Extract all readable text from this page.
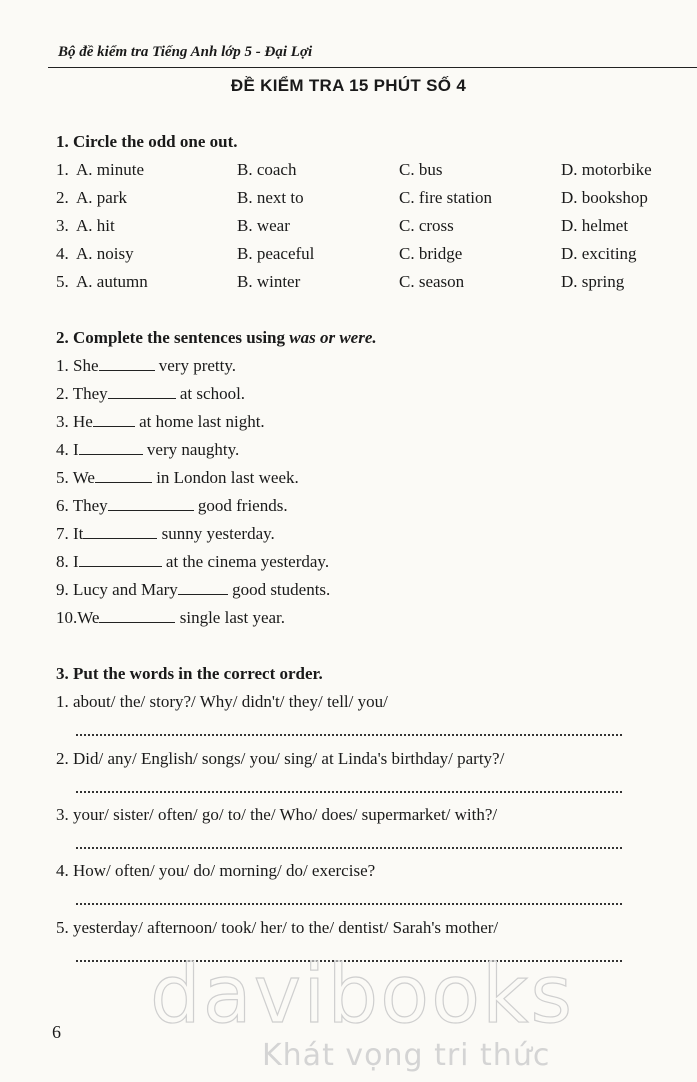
Bộ đề kiểm tra Tiếng Anh lớp 5 - Đại Lợi
ĐỀ KIỂM TRA 15 PHÚT SỐ 4
1. Circle the odd one out.
1. A. minute	B. coach	C. bus	D. motorbike
2. A. park	B. next to	C. fire station	D. bookshop
3. A. hit	B. wear	C. cross	D. helmet
4. A. noisy	B. peaceful	C. bridge	D. exciting
5. A. autumn	B. winter	C. season	D. spring
2. Complete the sentences using was or were.
1. She	very pretty.
2. They	at school.
3. He	at home last night.
4. I	very naughty.
5. We	in London last week.
6. They	good friends.
7. It	sunny yesterday.
8. I	at the cinema yesterday.
9. Lucy and Mary	good students.
10.We	single last year.
3. Put the words in the correct order.
1. about/ the/ story?/ Why/ didn't/ they/ tell/ you/
2. Did/ any/ English/ songs/ you/ sing/ at Linda's birthday/ party?/
3. your/ sister/ often/ go/ to/ the/ Who/ does/ supermarket/ with?/
4. How/ often/ you/ do/ morning/ do/ exercise?
5. yesterday/ afternoon/ took/ her/ to the/ dentist/ Sarah's mother/
davibooks
Khát vọng tri thức
6
